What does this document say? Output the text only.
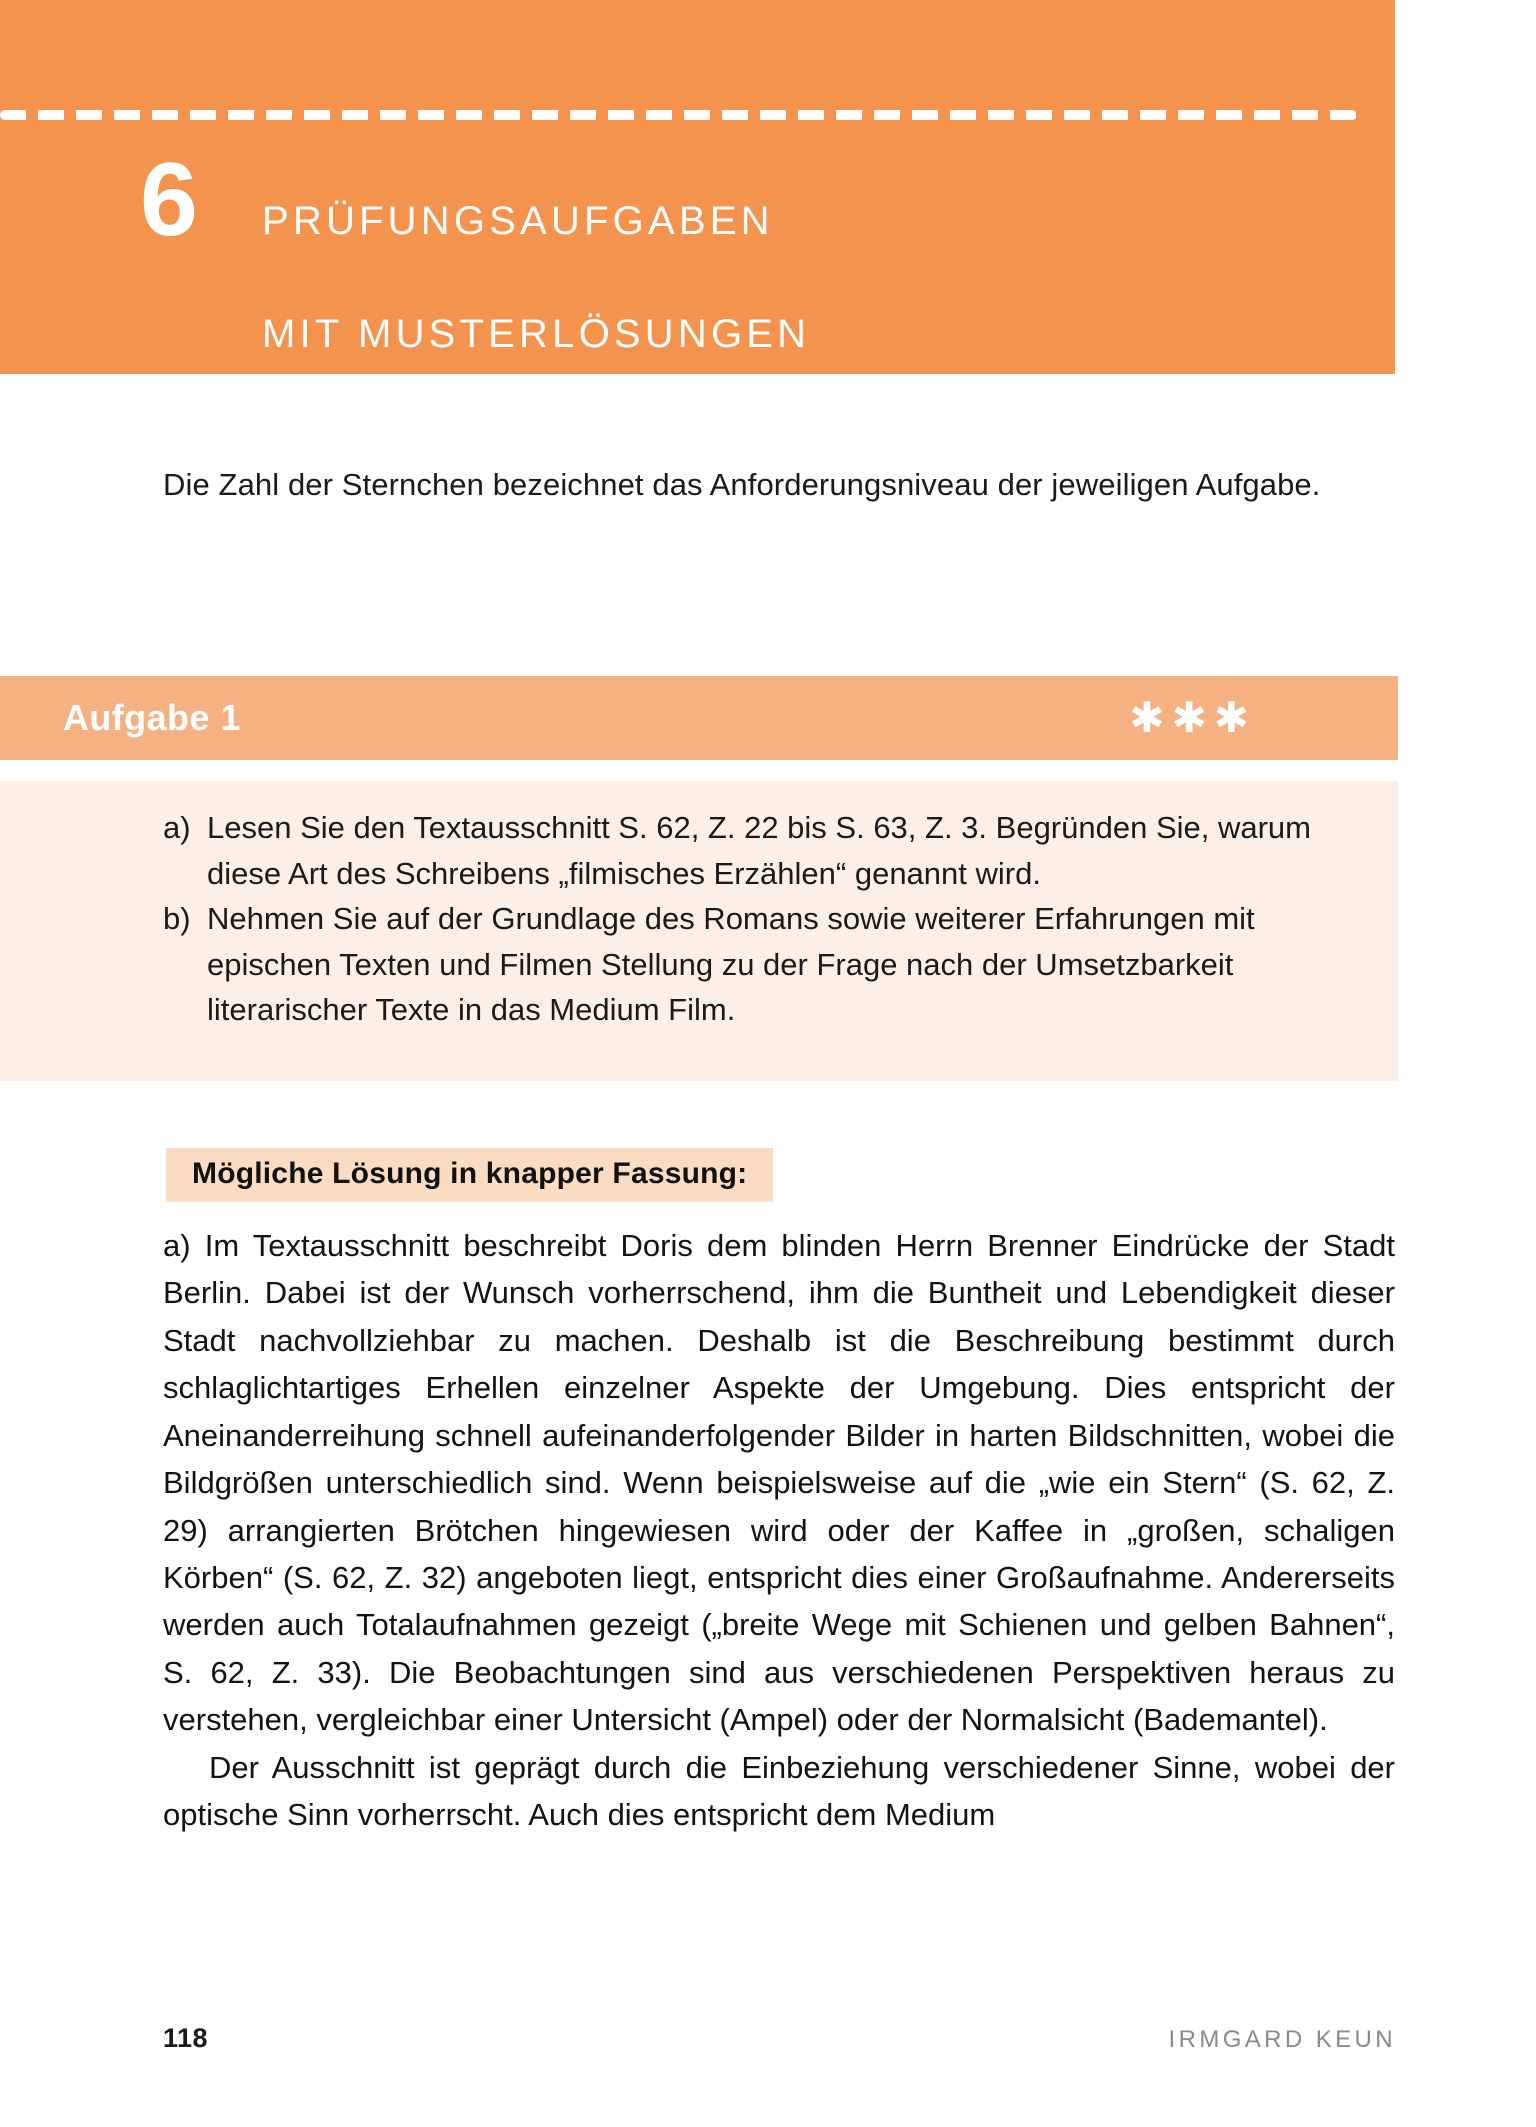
6 PRÜFUNGSAUFGABEN

MIT MUSTERLÖSUNGEN

Die Zahl der Sternchen bezeichnet das Anforderungsniveau der jeweiligen Aufgabe.
Aufgabe 1	✱✱✱
a) Lesen Sie den Textausschnitt S. 62, Z. 22 bis S. 63, Z. 3. Begründen Sie, warum diese Art des Schreibens „filmisches Erzählen“ genannt wird.
b) Nehmen Sie auf der Grundlage des Romans sowie weiterer Erfahrungen mit epischen Texten und Filmen Stellung zu der Frage nach der Umsetzbarkeit literarischer Texte in das Medium Film.
Mögliche Lösung in knapper Fassung:

a) Im Textausschnitt beschreibt Doris dem blinden Herrn Brenner Eindrücke der Stadt Berlin. Dabei ist der Wunsch vorherrschend, ihm die Buntheit und Lebendigkeit dieser Stadt nachvollziehbar zu machen. Deshalb ist die Beschreibung bestimmt durch schlaglichtartiges Erhellen einzelner Aspekte der Umgebung. Dies entspricht der Aneinanderreihung schnell aufeinanderfolgender Bilder in harten Bildschnitten, wobei die Bildgrößen unterschiedlich sind. Wenn beispielsweise auf die „wie ein Stern“ (S. 62, Z. 29) arrangierten Brötchen hingewiesen wird oder der Kaffee in „großen, schaligen Körben“ (S. 62, Z. 32) angeboten liegt, entspricht dies einer Großaufnahme. Andererseits werden auch Totalaufnahmen gezeigt („breite Wege mit Schienen und gelben Bahnen“, S. 62, Z. 33). Die Beobachtungen sind aus verschiedenen Perspektiven heraus zu verstehen, vergleichbar einer Untersicht (Ampel) oder der Normalsicht (Bademantel).

Der Ausschnitt ist geprägt durch die Einbeziehung verschiedener Sinne, wobei der optische Sinn vorherrscht. Auch dies entspricht dem Medium

118	IRMGARD KEUN
